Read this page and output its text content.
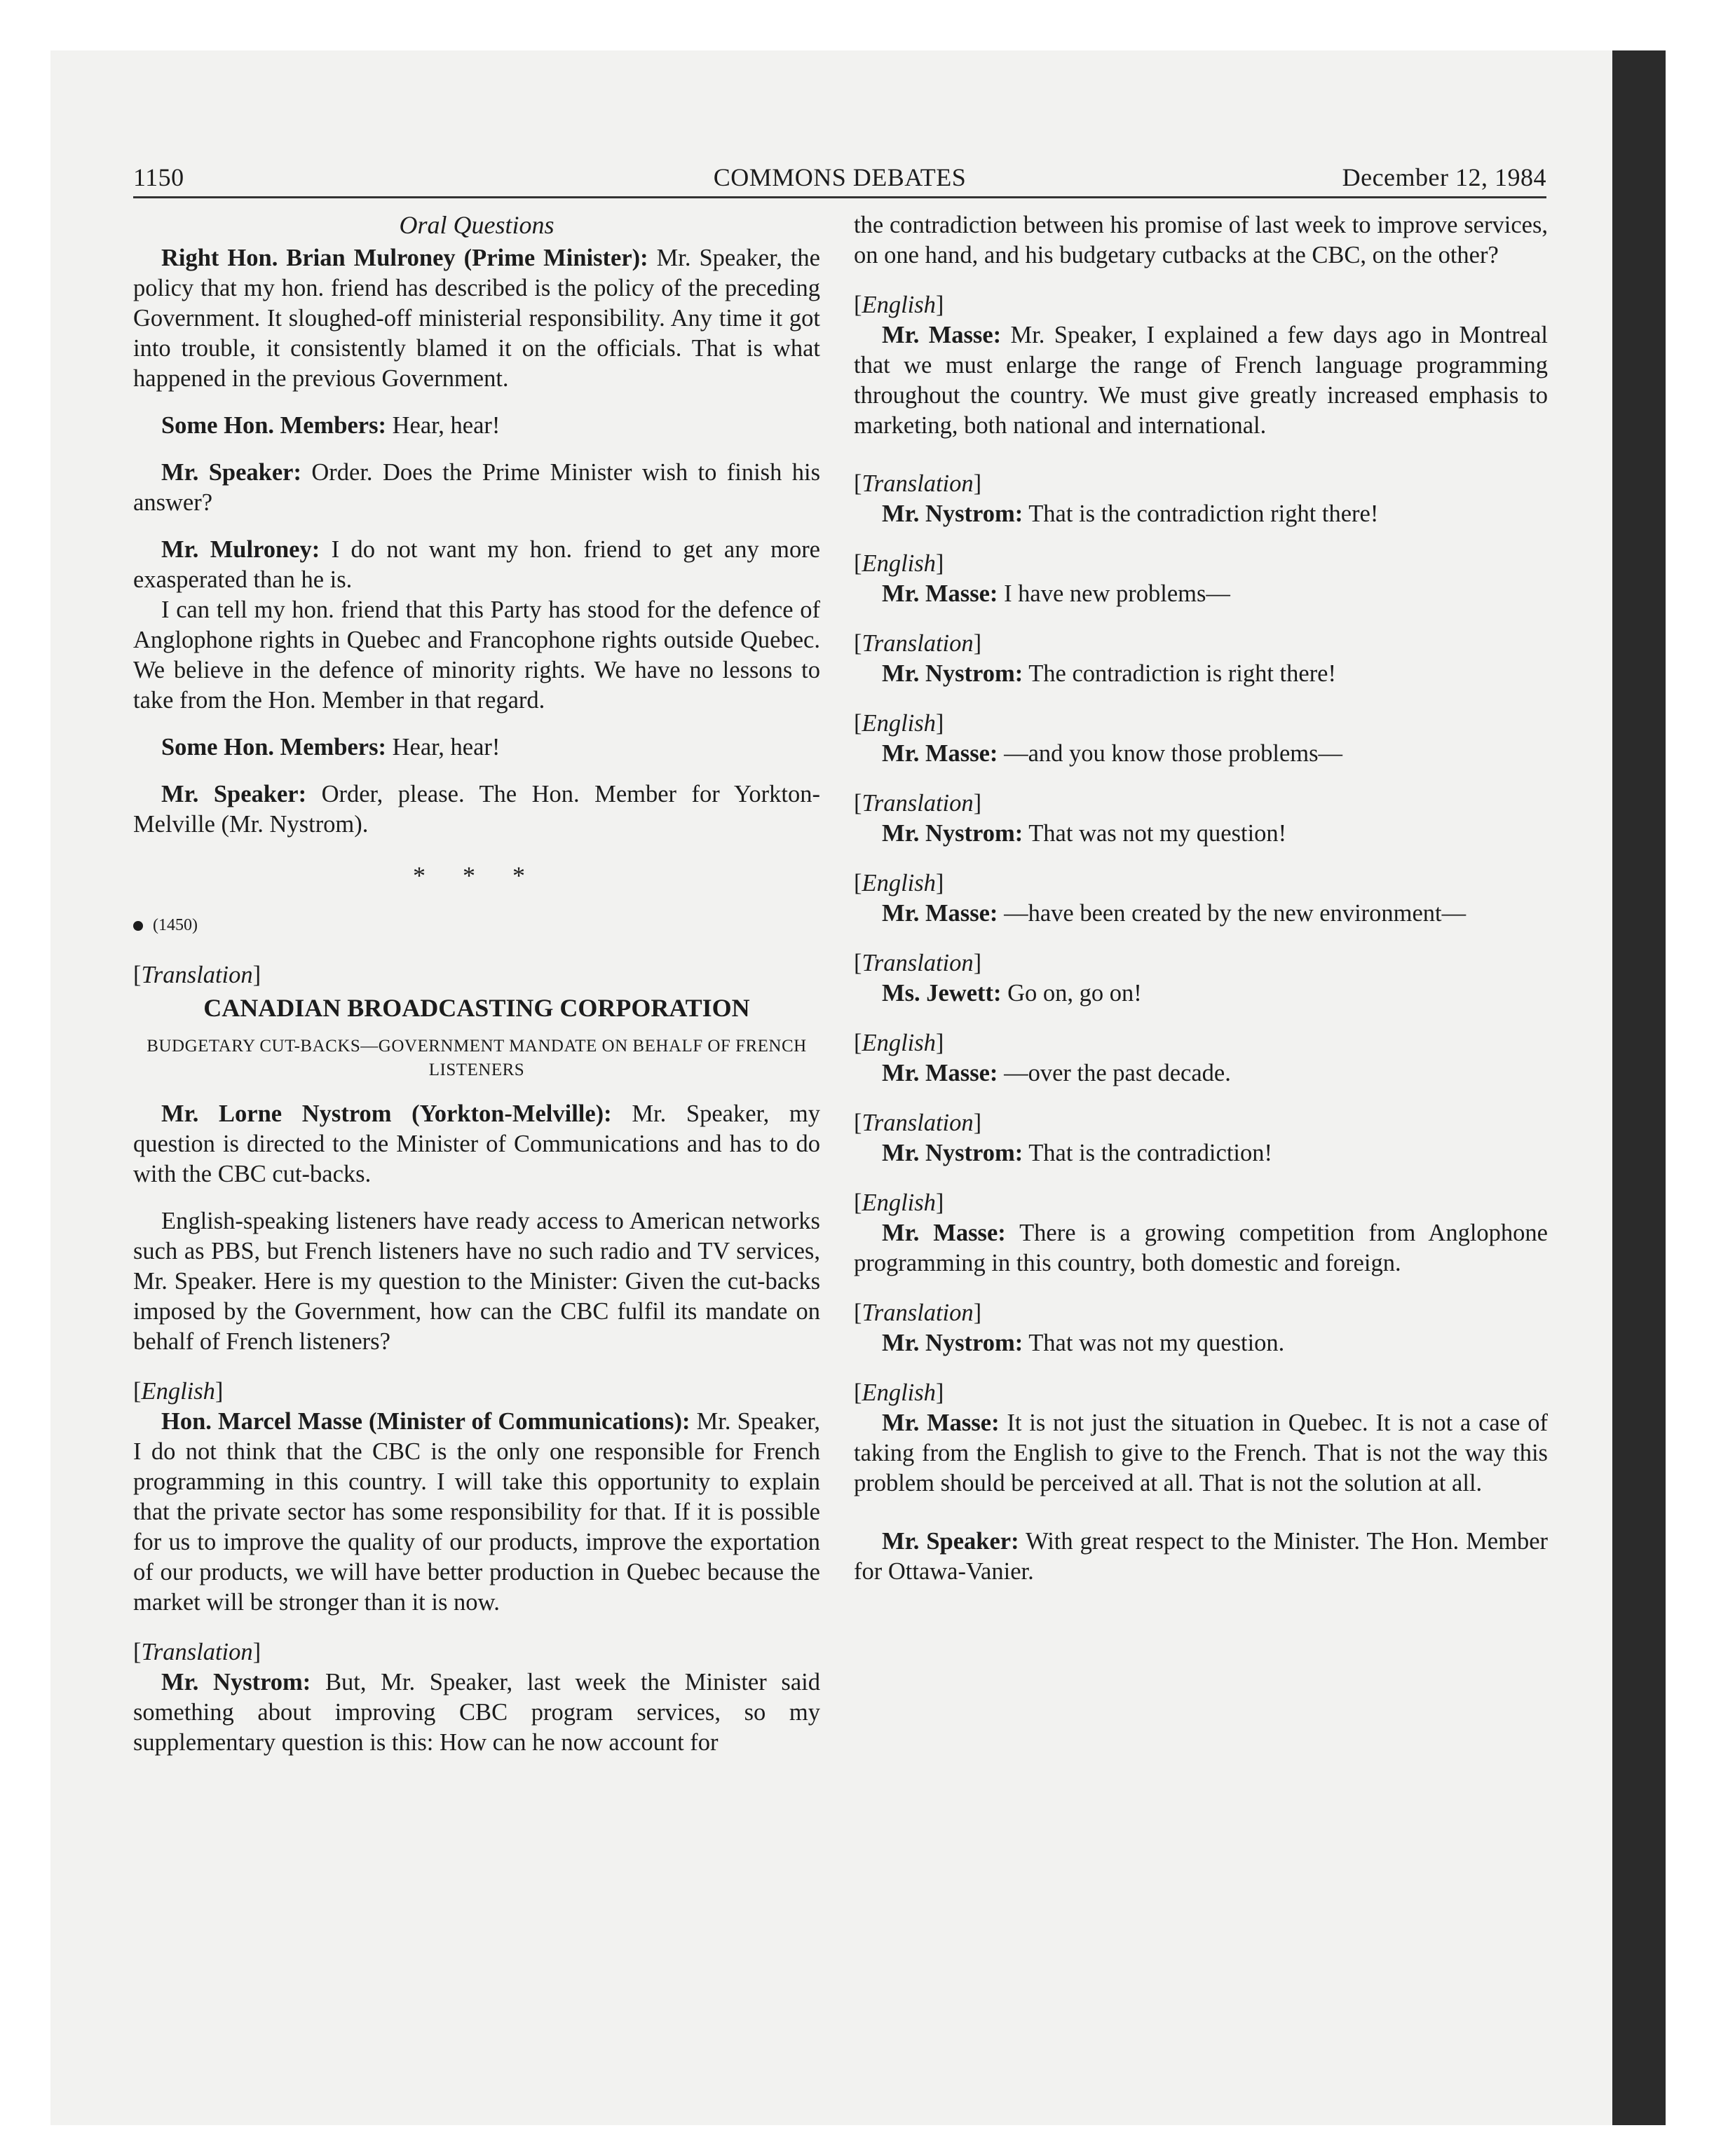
1150	COMMONS DEBATES	December 12, 1984

Oral Questions

Right Hon. Brian Mulroney (Prime Minister): Mr. Speaker, the policy that my hon. friend has described is the policy of the preceding Government. It sloughed-off ministerial responsibility. Any time it got into trouble, it consistently blamed it on the officials. That is what happened in the previous Government.

Some Hon. Members: Hear, hear!

Mr. Speaker: Order. Does the Prime Minister wish to finish his answer?

Mr. Mulroney: I do not want my hon. friend to get any more exasperated than he is.

I can tell my hon. friend that this Party has stood for the defence of Anglophone rights in Quebec and Francophone rights outside Quebec. We believe in the defence of minority rights. We have no lessons to take from the Hon. Member in that regard.

Some Hon. Members: Hear, hear!

Mr. Speaker: Order, please. The Hon. Member for Yorkton-Melville (Mr. Nystrom).

* * *

(1450)

[Translation]

CANADIAN BROADCASTING CORPORATION

BUDGETARY CUT-BACKS—GOVERNMENT MANDATE ON BEHALF OF FRENCH LISTENERS

Mr. Lorne Nystrom (Yorkton-Melville): Mr. Speaker, my question is directed to the Minister of Communications and has to do with the CBC cut-backs.

English-speaking listeners have ready access to American networks such as PBS, but French listeners have no such radio and TV services, Mr. Speaker. Here is my question to the Minister: Given the cut-backs imposed by the Government, how can the CBC fulfil its mandate on behalf of French listeners?

[English]

Hon. Marcel Masse (Minister of Communications): Mr. Speaker, I do not think that the CBC is the only one responsible for French programming in this country. I will take this opportunity to explain that the private sector has some responsibility for that. If it is possible for us to improve the quality of our products, improve the exportation of our products, we will have better production in Quebec because the market will be stronger than it is now.

[Translation]

Mr. Nystrom: But, Mr. Speaker, last week the Minister said something about improving CBC program services, so my supplementary question is this: How can he now account for

the contradiction between his promise of last week to improve services, on one hand, and his budgetary cutbacks at the CBC, on the other?

[English]

Mr. Masse: Mr. Speaker, I explained a few days ago in Montreal that we must enlarge the range of French language programming throughout the country. We must give greatly increased emphasis to marketing, both national and international.

[Translation]

Mr. Nystrom: That is the contradiction right there!

[English]

Mr. Masse: I have new problems—

[Translation]

Mr. Nystrom: The contradiction is right there!

[English]

Mr. Masse: —and you know those problems—

[Translation]

Mr. Nystrom: That was not my question!

[English]

Mr. Masse: —have been created by the new environment—

[Translation]

Ms. Jewett: Go on, go on!

[English]

Mr. Masse: —over the past decade.

[Translation]

Mr. Nystrom: That is the contradiction!

[English]

Mr. Masse: There is a growing competition from Anglophone programming in this country, both domestic and foreign.

[Translation]

Mr. Nystrom: That was not my question.

[English]

Mr. Masse: It is not just the situation in Quebec. It is not a case of taking from the English to give to the French. That is not the way this problem should be perceived at all. That is not the solution at all.

Mr. Speaker: With great respect to the Minister. The Hon. Member for Ottawa-Vanier.
